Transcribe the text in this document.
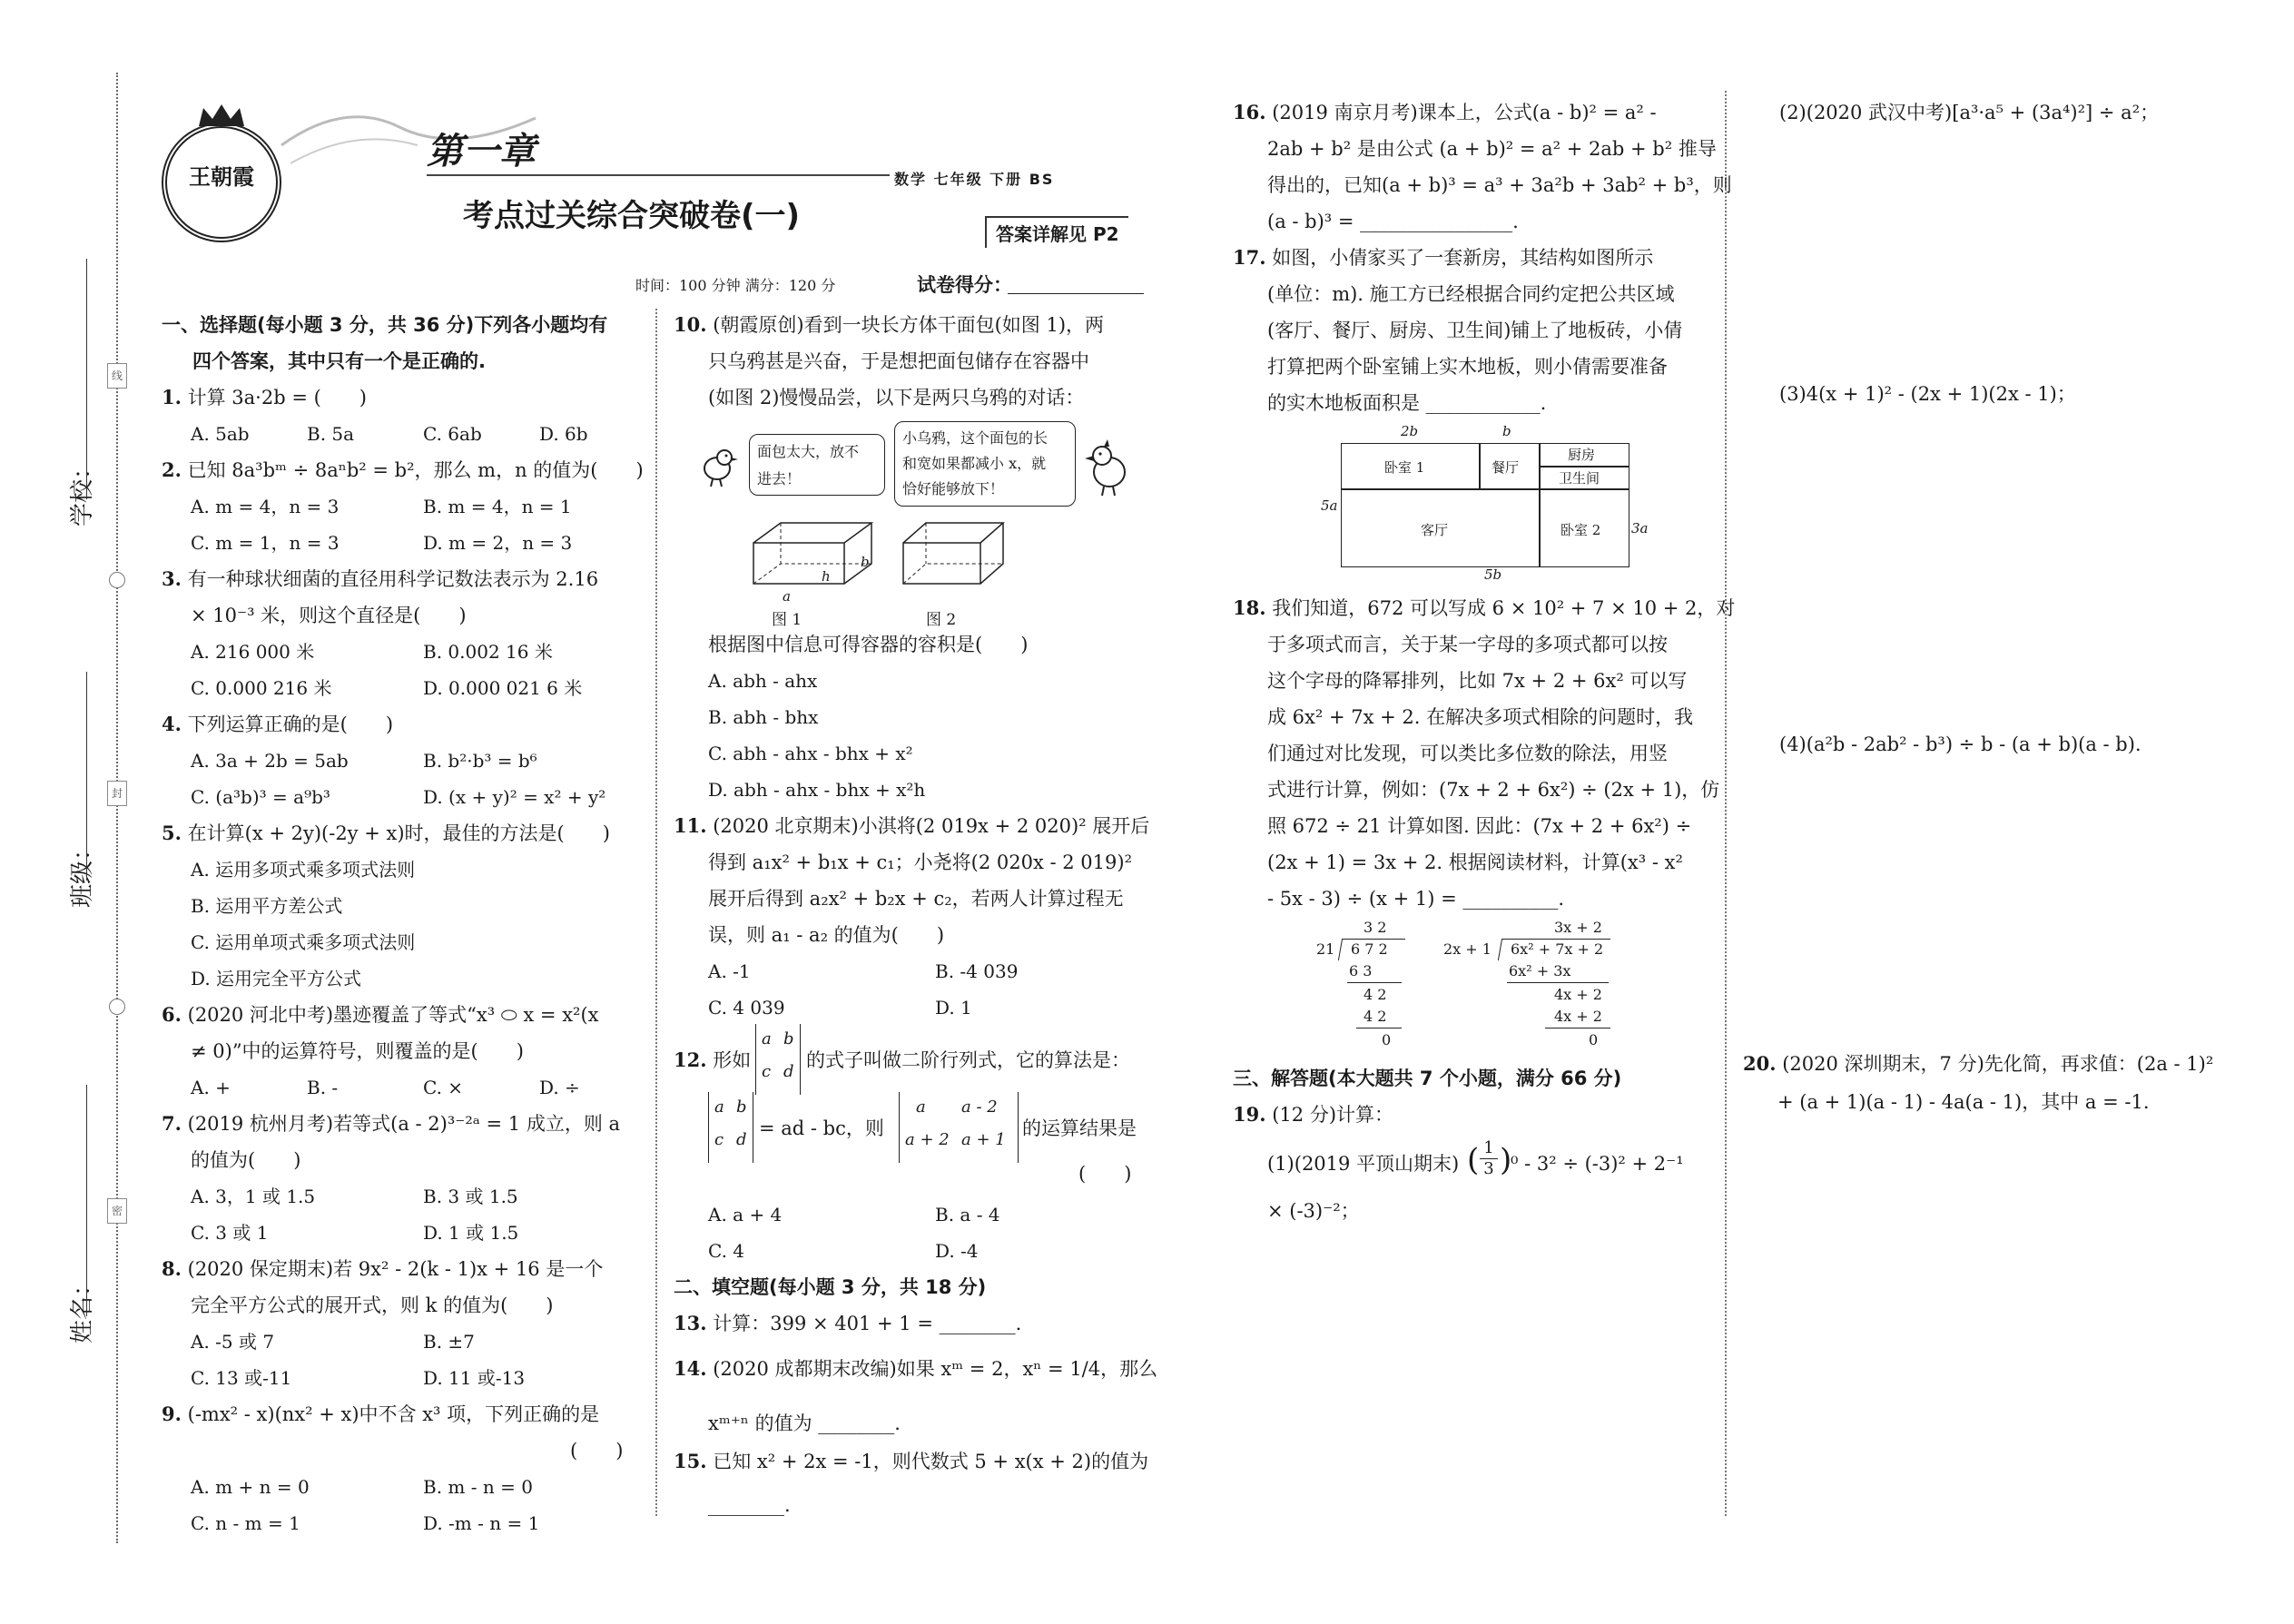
学校：
班级：
姓名：
线
封
密
王朝霞
第一章
考点过关综合突破卷(一)
数学 七年级 下册 BS
答案详解见 P2
时间：100 分钟 满分：120 分	试卷得分：
一、选择题(每小题 3 分，共 36 分)下列各小题均有
四个答案，其中只有一个是正确的.
1. 计算 3a·2b = (　　)
A. 5ab	B. 5a	C. 6ab	D. 6b
2. 已知 8a³bᵐ ÷ 8aⁿb² = b²，那么 m，n 的值为(　　)
A. m = 4，n = 3	B. m = 4，n = 1
C. m = 1，n = 3	D. m = 2，n = 3
3. 有一种球状细菌的直径用科学记数法表示为 2.16
× 10⁻³ 米，则这个直径是(　　)
A. 216 000 米	B. 0.002 16 米
C. 0.000 216 米	D. 0.000 021 6 米
4. 下列运算正确的是(　　)
A. 3a + 2b = 5ab	B. b²·b³ = b⁶
C. (a³b)³ = a⁹b³	D. (x + y)² = x² + y²
5. 在计算(x + 2y)(-2y + x)时，最佳的方法是(　　)
A. 运用多项式乘多项式法则
B. 运用平方差公式
C. 运用单项式乘多项式法则
D. 运用完全平方公式
6. (2020 河北中考)墨迹覆盖了等式“x³ ⬭ x = x²(x
≠ 0)”中的运算符号，则覆盖的是(　　)
A. +	B. -	C. ×	D. ÷
7. (2019 杭州月考)若等式(a - 2)³⁻²ᵃ = 1 成立，则 a
的值为(　　)
A. 3，1 或 1.5	B. 3 或 1.5
C. 3 或 1	D. 1 或 1.5
8. (2020 保定期末)若 9x² - 2(k - 1)x + 16 是一个
完全平方公式的展开式，则 k 的值为(　　)
A. -5 或 7	B. ±7
C. 13 或-11	D. 11 或-13
9. (-mx² - x)(nx² + x)中不含 x³ 项，下列正确的是
(　　)
A. m + n = 0	B. m - n = 0
C. n - m = 1	D. -m - n = 1
10. (朝霞原创)看到一块长方体干面包(如图 1)，两
只乌鸦甚是兴奋，于是想把面包储存在容器中
(如图 2)慢慢品尝，以下是两只乌鸦的对话：
面包太大，放不
进去！
小乌鸦，这个面包的长
和宽如果都减小 x，就
恰好能够放下！
b
h
a
图 1	图 2
根据图中信息可得容器的容积是(　　)
A. abh - ahx
B. abh - bhx
C. abh - ahx - bhx + x²
D. abh - ahx - bhx + x²h
11. (2020 北京期末)小淇将(2 019x + 2 020)² 展开后
得到 a₁x² + b₁x + c₁；小尧将(2 020x - 2 019)²
展开后得到 a₂x² + b₂x + c₂，若两人计算过程无
误，则 a₁ - a₂ 的值为(　　)
A. -1	B. -4 039
C. 4 039	D. 1
12. 形如
a b
c d
的式子叫做二阶行列式，它的算法是：
a b
c d
= ad - bc，则
a a - 2
a + 2 a + 1
的运算结果是
(　　)
A. a + 4	B. a - 4
C. 4	D. -4
二、填空题(每小题 3 分，共 18 分)
13. 计算：399 × 401 + 1 = ________.
14. (2020 成都期末改编)如果 xᵐ = 2，xⁿ = 1/4，那么
xᵐ⁺ⁿ 的值为 ________.
15. 已知 x² + 2x = -1，则代数式 5 + x(x + 2)的值为
________.
16. (2019 南京月考)课本上，公式(a - b)² = a² -
2ab + b² 是由公式 (a + b)² = a² + 2ab + b² 推导
得出的，已知(a + b)³ = a³ + 3a²b + 3ab² + b³，则
(a - b)³ = ________________.
17. 如图，小倩家买了一套新房，其结构如图所示
(单位：m). 施工方已经根据合同约定把公共区域
(客厅、餐厅、厨房、卫生间)铺上了地板砖，小倩
打算把两个卧室铺上实木地板，则小倩需要准备
的实木地板面积是 ____________.
卧室 1	餐厅
厨房
卫生间
客厅	卧室 2
2b	b
5a
3a
5b
18. 我们知道，672 可以写成 6 × 10² + 7 × 10 + 2，对
于多项式而言，关于某一字母的多项式都可以按
这个字母的降幂排列，比如 7x + 2 + 6x² 可以写
成 6x² + 7x + 2. 在解决多项式相除的问题时，我
们通过对比发现，可以类比多位数的除法，用竖
式进行计算，例如：(7x + 2 + 6x²) ÷ (2x + 1)，仿
照 672 ÷ 21 计算如图. 因此：(7x + 2 + 6x²) ÷
(2x + 1) = 3x + 2. 根据阅读材料，计算(x³ - x²
- 5x - 3) ÷ (x + 1) = __________.
3 2
21 6 7 2
6 3
4 2
4 2
0
3x + 2
2x + 1 6x² + 7x + 2
6x² + 3x
4x + 2
4x + 2
0
三、解答题(本大题共 7 个小题，满分 66 分)
19. (12 分)计算：
(1)(2019 平顶山期末) ( 1
3 )
⁰ - 3² ÷ (-3)² + 2⁻¹
× (-3)⁻²；
(2)(2020 武汉中考)[a³·a⁵ + (3a⁴)²] ÷ a²；
(3)4(x + 1)² - (2x + 1)(2x - 1)；
(4)(a²b - 2ab² - b³) ÷ b - (a + b)(a - b).
20. (2020 深圳期末，7 分)先化简，再求值：(2a - 1)²
+ (a + 1)(a - 1) - 4a(a - 1)，其中 a = -1.
